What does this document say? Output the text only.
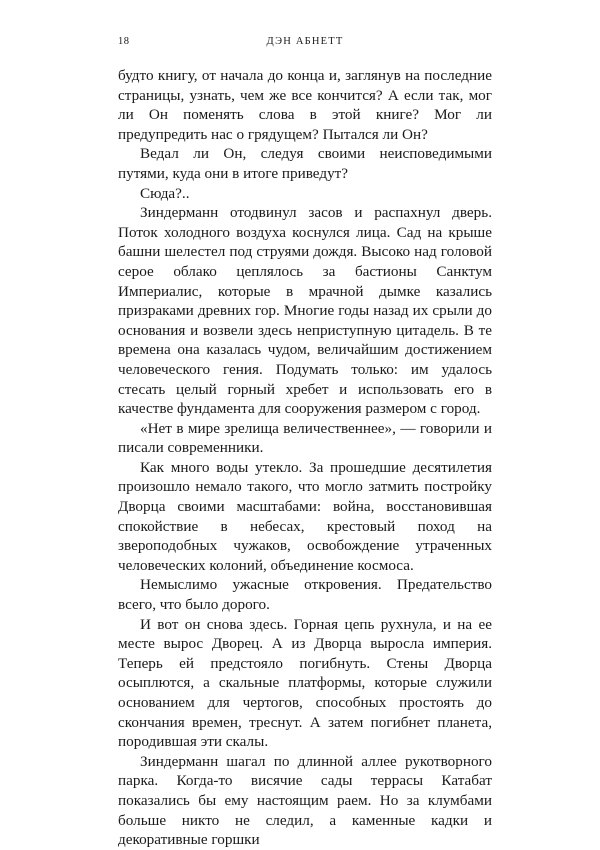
18	ДЭН АБНЕТТ

будто книгу, от начала до конца и, заглянув на последние страницы, узнать, чем же все кончится? А если так, мог ли Он поменять слова в этой книге? Мог ли предупредить нас о грядущем? Пытался ли Он?

Ведал ли Он, следуя своими неисповедимыми путями, куда они в итоге приведут?

Сюда?..

Зиндерманн отодвинул засов и распахнул дверь. Поток холодного воздуха коснулся лица. Сад на крыше башни шелестел под струями дождя. Высоко над головой серое облако цеплялось за бастионы Санктум Империалис, которые в мрачной дымке казались призраками древних гор. Многие годы назад их срыли до основания и возвели здесь неприступную цитадель. В те времена она казалась чудом, величайшим достижением человеческого гения. Подумать только: им удалось стесать целый горный хребет и использовать его в качестве фундамента для сооружения размером с город.

«Нет в мире зрелища величественнее», — говорили и писали современники.

Как много воды утекло. За прошедшие десятилетия произошло немало такого, что могло затмить постройку Дворца своими масштабами: война, восстановившая спокойствие в небесах, крестовый поход на звероподобных чужаков, освобождение утраченных человеческих колоний, объединение космоса.

Немыслимо ужасные откровения. Предательство всего, что было дорого.

И вот он снова здесь. Горная цепь рухнула, и на ее месте вырос Дворец. А из Дворца выросла империя. Теперь ей предстояло погибнуть. Стены Дворца осыплются, а скальные платформы, которые служили основанием для чертогов, способных простоять до скончания времен, треснут. А затем погибнет планета, породившая эти скалы.

Зиндерманн шагал по длинной аллее рукотворного парка. Когда-то висячие сады террасы Катабат показались бы ему настоящим раем. Но за клумбами больше никто не следил, а каменные кадки и декоративные горшки
